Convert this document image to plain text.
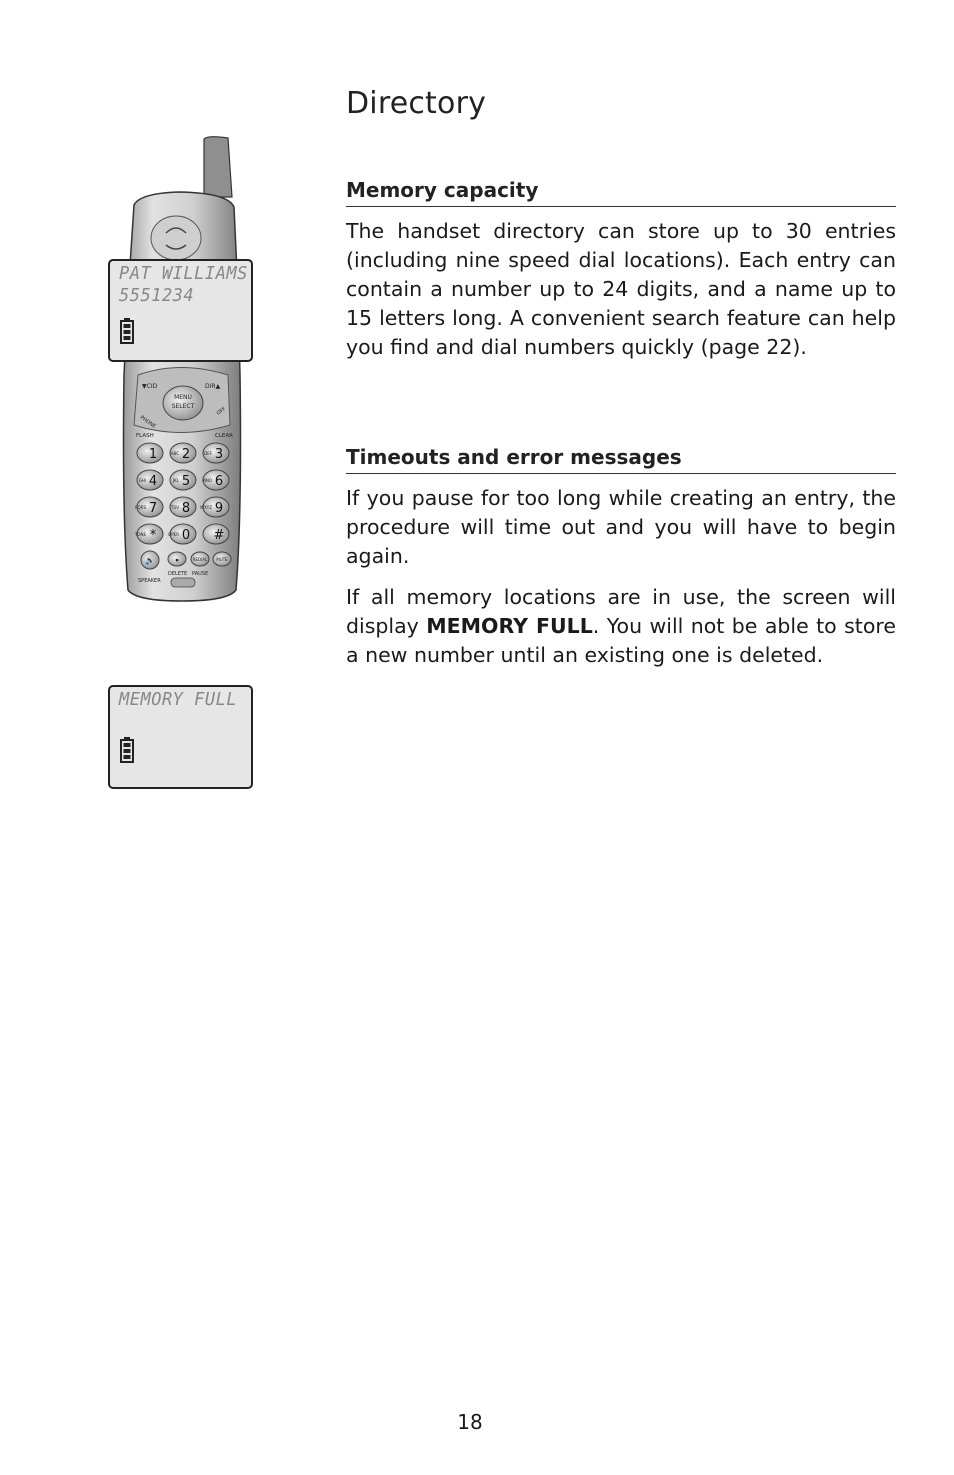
Directory
▼CID	DIR▲
MENU
SELECT
PHONE
OFF
FLASH	CLEAR
1	ABC 2	DEF 3
GHI 4	JKL 5	MNO 6
PQRS 7	TUV 8 WXYZ 9
TONE *	OPER 0 #
🔊	●	REDIAL MUTE
DELETE PAUSE
SPEAKER
PAT WILLIAMS
5551234
MEMORY FULL
Memory capacity

The handset directory can store up to 30 entries (including nine speed dial locations). Each entry can contain a number up to 24 digits, and a name up to 15 letters long. A convenient search feature can help you find and dial numbers quickly (page 22).

Timeouts and error messages

If you pause for too long while creating an entry, the procedure will time out and you will have to begin again.

If all memory locations are in use, the screen will display MEMORY FULL. You will not be able to store a new number until an existing one is deleted.

18
